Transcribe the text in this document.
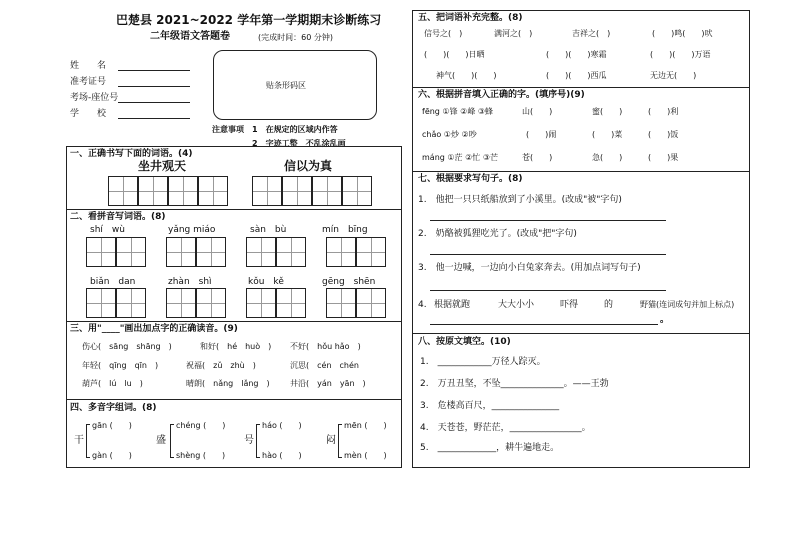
巴楚县 2021~2022 学年第一学期期末诊断练习
二年级语文答题卷	(完成时间：60 分钟)
姓　　名
准考证号
考场-座位号
学　　校
贴条形码区
注意事项 1　在规定的区域内作答
2　字迹工整　不乱涂乱画
一、正确书写下面的词语。(4)
坐井观天	信以为真
二、看拼音写词语。(8)
shí　wù	yǎng miáo	sàn　bù	mín　bīng
biǎn　dan	zhàn　shì	kǒu　kě	gēng　shēn
三、用"____"画出加点字的正确读音。(9)
伤心(　sāng　shāng　)	和好(　hé　huò　) 不好(　hǒu hǎo　)
年轻(　qīng　qīn　)	祝福(　zǔ　zhù　)	沉思(　cén　chén
葫芦(　lú　lu　)	晴朗(　nǎng　lǎng　)	井沿(　yán　yān　)
四、多音字组词。(8)
干
gān (　　)
gàn (　　)
盛
chéng (　　)
shèng (　　)
号
háo (　　)
hào (　　)
闷
mēn (　　)
mèn (　　)
五、把词语补充完整。(8)
信号之(　)	满河之(　)	吉祥之(　)	(　　)鸣(　　)吠
(　　)(　　)日晒	(　　)(　　)寒霜	(　　)(　　)万语
神气(　　)(　　)	(　　)(　　)西瓜	无边无(　　)
六、根据拼音填入正确的字。(填序号)(9)
fēng ①锋 ②峰 ③蜂	山(　　)	蜜(　　)	(　　)利
chǎo ①炒 ②吵	(　　)闹	(　　)菜	(　　)饭
máng ①茫 ②忙 ③芒	苍(　　)	急(　　)	(　　)果
七、根据要求写句子。(8)
1.　他把一只只纸船放到了小溪里。(改成"被"字句)
2.　奶酪被狐狸吃光了。(改成"把"字句)
3.　他一边喊，一边向小白兔家奔去。(用加点词写句子)
4. 根据就跑	大大小小	吓得	的	野猫(连词成句并加上标点)
。
八、按原文填空。(10)
1.　____________万径人踪灭。
2.　万丑丑坚，不坠______________。——王勃
3.　危楼高百尺，_______________
4.　天苍苍，野茫茫，________________。
5.　_____________，耕牛遍地走。
